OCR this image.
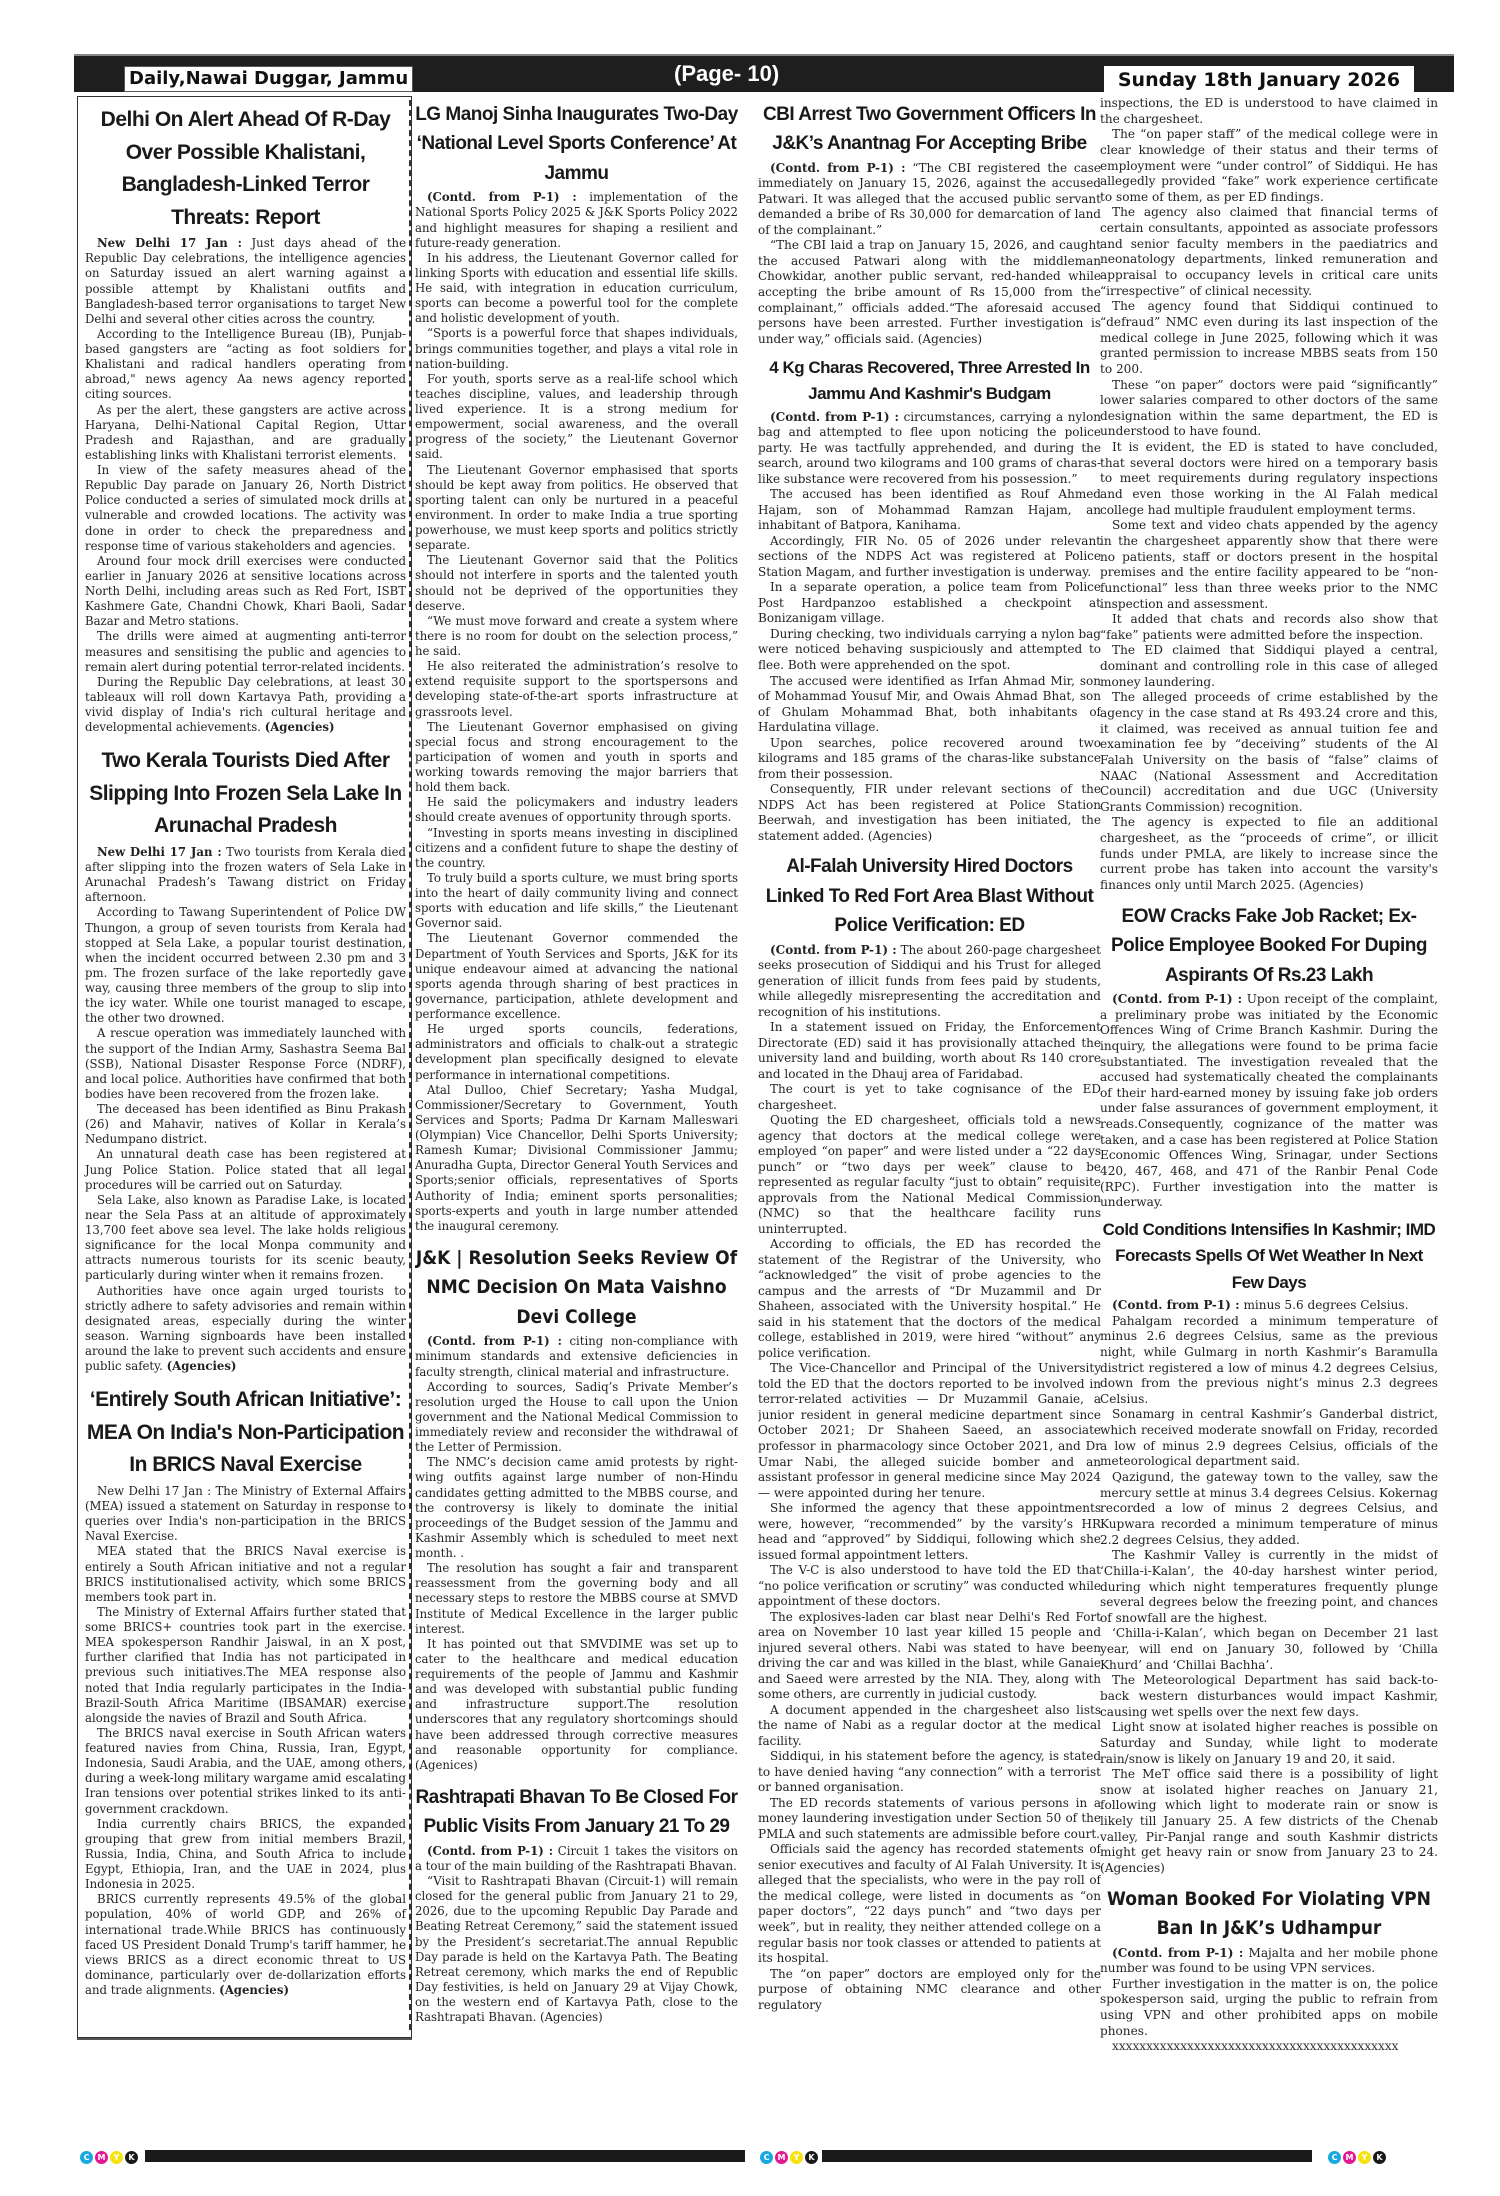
Daily,Nawai Duggar, Jammu	(Page- 10)	Sunday 18th January 2026
Delhi On Alert Ahead Of R-Day Over Possible Khalistani, Bangladesh-Linked Terror Threats: Report

New Delhi 17 Jan : Just days ahead of the Republic Day celebrations, the intelligence agencies on Saturday issued an alert warning against a possible attempt by Khalistani outfits and Bangladesh-based terror organisations to target New Delhi and several other cities across the country.

According to the Intelligence Bureau (IB), Punjab-based gangsters are “acting as foot soldiers for Khalistani and radical handlers operating from abroad," news agency Aa news agency reported citing sources.

As per the alert, these gangsters are active across Haryana, Delhi-National Capital Region, Uttar Pradesh and Rajasthan, and are gradually establishing links with Khalistani terrorist elements.

In view of the safety measures ahead of the Republic Day parade on January 26, North District Police conducted a series of simulated mock drills at vulnerable and crowded locations. The activity was done in order to check the preparedness and response time of various stakeholders and agencies.

Around four mock drill exercises were conducted earlier in January 2026 at sensitive locations across North Delhi, including areas such as Red Fort, ISBT Kashmere Gate, Chandni Chowk, Khari Baoli, Sadar Bazar and Metro stations.

The drills were aimed at augmenting anti-terror measures and sensitising the public and agencies to remain alert during potential terror-related incidents.

During the Republic Day celebrations, at least 30 tableaux will roll down Kartavya Path, providing a vivid display of India's rich cultural heritage and developmental achievements. (Agencies)

Two Kerala Tourists Died After Slipping Into Frozen Sela Lake In Arunachal Pradesh

New Delhi 17 Jan : Two tourists from Kerala died after slipping into the frozen waters of Sela Lake in Arunachal Pradesh’s Tawang district on Friday afternoon.

According to Tawang Superintendent of Police DW Thungon, a group of seven tourists from Kerala had stopped at Sela Lake, a popular tourist destination, when the incident occurred between 2.30 pm and 3 pm. The frozen surface of the lake reportedly gave way, causing three members of the group to slip into the icy water. While one tourist managed to escape, the other two drowned.

A rescue operation was immediately launched with the support of the Indian Army, Sashastra Seema Bal (SSB), National Disaster Response Force (NDRF), and local police. Authorities have confirmed that both bodies have been recovered from the frozen lake.

The deceased has been identified as Binu Prakash (26) and Mahavir, natives of Kollar in Kerala’s Nedumpano district.

An unnatural death case has been registered at Jung Police Station. Police stated that all legal procedures will be carried out on Saturday.

Sela Lake, also known as Paradise Lake, is located near the Sela Pass at an altitude of approximately 13,700 feet above sea level. The lake holds religious significance for the local Monpa community and attracts numerous tourists for its scenic beauty, particularly during winter when it remains frozen.

Authorities have once again urged tourists to strictly adhere to safety advisories and remain within designated areas, especially during the winter season. Warning signboards have been installed around the lake to prevent such accidents and ensure public safety. (Agencies)

‘Entirely South African Initiative’: MEA On India's Non-Participation In BRICS Naval Exercise

New Delhi 17 Jan : The Ministry of External Affairs (MEA) issued a statement on Saturday in response to queries over India's non-participation in the BRICS Naval Exercise.

MEA stated that the BRICS Naval exercise is entirely a South African initiative and not a regular BRICS institutionalised activity, which some BRICS members took part in.

The Ministry of External Affairs further stated that some BRICS+ countries took part in the exercise. MEA spokesperson Randhir Jaiswal, in an X post, further clarified that India has not participated in previous such initiatives.The MEA response also noted that India regularly participates in the India-Brazil-South Africa Maritime (IBSAMAR) exercise alongside the navies of Brazil and South Africa.

The BRICS naval exercise in South African waters featured navies from China, Russia, Iran, Egypt, Indonesia, Saudi Arabia, and the UAE, among others, during a week-long military wargame amid escalating Iran tensions over potential strikes linked to its anti-government crackdown.

India currently chairs BRICS, the expanded grouping that grew from initial members Brazil, Russia, India, China, and South Africa to include Egypt, Ethiopia, Iran, and the UAE in 2024, plus Indonesia in 2025.

BRICS currently represents 49.5% of the global population, 40% of world GDP, and 26% of international trade.While BRICS has continuously faced US President Donald Trump's tariff hammer, he views BRICS as a direct economic threat to US dominance, particularly over de-dollarization efforts and trade alignments. (Agencies)

LG Manoj Sinha Inaugurates Two-Day ‘National Level Sports Conference’ At Jammu

(Contd. from P-1) : implementation of the National Sports Policy 2025 & J&K Sports Policy 2022 and highlight measures for shaping a resilient and future-ready generation.

In his address, the Lieutenant Governor called for linking Sports with education and essential life skills. He said, with integration in education curriculum, sports can become a powerful tool for the complete and holistic development of youth.

“Sports is a powerful force that shapes individuals, brings communities together, and plays a vital role in nation-building.

For youth, sports serve as a real-life school which teaches discipline, values, and leadership through lived experience. It is a strong medium for empowerment, social awareness, and the overall progress of the society,” the Lieutenant Governor said.

The Lieutenant Governor emphasised that sports should be kept away from politics. He observed that sporting talent can only be nurtured in a peaceful environment. In order to make India a true sporting powerhouse, we must keep sports and politics strictly separate.

The Lieutenant Governor said that the Politics should not interfere in sports and the talented youth should not be deprived of the opportunities they deserve.

“We must move forward and create a system where there is no room for doubt on the selection process,” he said.

He also reiterated the administration’s resolve to extend requisite support to the sportspersons and developing state-of-the-art sports infrastructure at grassroots level.

The Lieutenant Governor emphasised on giving special focus and strong encouragement to the participation of women and youth in sports and working towards removing the major barriers that hold them back.

He said the policymakers and industry leaders should create avenues of opportunity through sports.

“Investing in sports means investing in disciplined citizens and a confident future to shape the destiny of the country.

To truly build a sports culture, we must bring sports into the heart of daily community living and connect sports with education and life skills,” the Lieutenant Governor said.

The Lieutenant Governor commended the Department of Youth Services and Sports, J&K for its unique endeavour aimed at advancing the national sports agenda through sharing of best practices in governance, participation, athlete development and performance excellence.

He urged sports councils, federations, administrators and officials to chalk-out a strategic development plan specifically designed to elevate performance in international competitions.

Atal Dulloo, Chief Secretary; Yasha Mudgal, Commissioner/Secretary to Government, Youth Services and Sports; Padma Dr Karnam Malleswari (Olympian) Vice Chancellor, Delhi Sports University; Ramesh Kumar; Divisional Commissioner Jammu; Anuradha Gupta, Director General Youth Services and Sports;senior officials, representatives of Sports Authority of India; eminent sports personalities; sports-experts and youth in large number attended the inaugural ceremony.

J&K | Resolution Seeks Review Of NMC Decision On Mata Vaishno Devi College

(Contd. from P-1) : citing non-compliance with minimum standards and extensive deficiencies in faculty strength, clinical material and infrastructure.

According to sources, Sadiq’s Private Member’s resolution urged the House to call upon the Union government and the National Medical Commission to immediately review and reconsider the withdrawal of the Letter of Permission.

The NMC’s decision came amid protests by right-wing outfits against large number of non-Hindu candidates getting admitted to the MBBS course, and the controversy is likely to dominate the initial proceedings of the Budget session of the Jammu and Kashmir Assembly which is scheduled to meet next month. .

The resolution has sought a fair and transparent reassessment from the governing body and all necessary steps to restore the MBBS course at SMVD Institute of Medical Excellence in the larger public interest.

It has pointed out that SMVDIME was set up to cater to the healthcare and medical education requirements of the people of Jammu and Kashmir and was developed with substantial public funding and infrastructure support.The resolution underscores that any regulatory shortcomings should have been addressed through corrective measures and reasonable opportunity for compliance. (Agenices)

Rashtrapati Bhavan To Be Closed For Public Visits From January 21 To 29

(Contd. from P-1) : Circuit 1 takes the visitors on a tour of the main building of the Rashtrapati Bhavan.

“Visit to Rashtrapati Bhavan (Circuit-1) will remain closed for the general public from January 21 to 29, 2026, due to the upcoming Republic Day Parade and Beating Retreat Ceremony,” said the statement issued by the President’s secretariat.The annual Republic Day parade is held on the Kartavya Path. The Beating Retreat ceremony, which marks the end of Republic Day festivities, is held on January 29 at Vijay Chowk, on the western end of Kartavya Path, close to the Rashtrapati Bhavan. (Agencies)

CBI Arrest Two Government Officers In J&K’s Anantnag For Accepting Bribe

(Contd. from P-1) : “The CBI registered the case immediately on January 15, 2026, against the accused Patwari. It was alleged that the accused public servant demanded a bribe of Rs 30,000 for demarcation of land of the complainant.”

“The CBI laid a trap on January 15, 2026, and caught the accused Patwari along with the middleman Chowkidar, another public servant, red-handed while accepting the bribe amount of Rs 15,000 from the complainant,” officials added.“The aforesaid accused persons have been arrested. Further investigation is under way,” officials said. (Agencies)

4 Kg Charas Recovered, Three Arrested In Jammu And Kashmir's Budgam

(Contd. from P-1) : circumstances, carrying a nylon bag and attempted to flee upon noticing the police party. He was tactfully apprehended, and during the search, around two kilograms and 100 grams of charas-like substance were recovered from his possession.”

The accused has been identified as Rouf Ahmed Hajam, son of Mohammad Ramzan Hajam, an inhabitant of Batpora, Kanihama.

Accordingly, FIR No. 05 of 2026 under relevant sections of the NDPS Act was registered at Police Station Magam, and further investigation is underway.

In a separate operation, a police team from Police Post Hardpanzoo established a checkpoint at Bonizanigam village.

During checking, two individuals carrying a nylon bag were noticed behaving suspiciously and attempted to flee. Both were apprehended on the spot.

The accused were identified as Irfan Ahmad Mir, son of Mohammad Yousuf Mir, and Owais Ahmad Bhat, son of Ghulam Mohammad Bhat, both inhabitants of Hardulatina village.

Upon searches, police recovered around two kilograms and 185 grams of the charas-like substance from their possession.

Consequently, FIR under relevant sections of the NDPS Act has been registered at Police Station Beerwah, and investigation has been initiated, the statement added. (Agencies)

Al-Falah University Hired Doctors Linked To Red Fort Area Blast Without Police Verification: ED

(Contd. from P-1) : The about 260-page chargesheet seeks prosecution of Siddiqui and his Trust for alleged generation of illicit funds from fees paid by students, while allegedly misrepresenting the accreditation and recognition of his institutions.

In a statement issued on Friday, the Enforcement Directorate (ED) said it has provisionally attached the university land and building, worth about Rs 140 crore and located in the Dhauj area of Faridabad.

The court is yet to take cognisance of the ED chargesheet.

Quoting the ED chargesheet, officials told a news agency that doctors at the medical college were employed “on paper” and were listed under a “22 days punch” or “two days per week” clause to be represented as regular faculty “just to obtain” requisite approvals from the National Medical Commission (NMC) so that the healthcare facility runs uninterrupted.

According to officials, the ED has recorded the statement of the Registrar of the University, who “acknowledged” the visit of probe agencies to the campus and the arrests of “Dr Muzammil and Dr Shaheen, associated with the University hospital.” He said in his statement that the doctors of the medical college, established in 2019, were hired “without” any police verification.

The Vice-Chancellor and Principal of the University told the ED that the doctors reported to be involved in terror-related activities — Dr Muzammil Ganaie, a junior resident in general medicine department since October 2021; Dr Shaheen Saeed, an associate professor in pharmacology since October 2021, and Dr Umar Nabi, the alleged suicide bomber and an assistant professor in general medicine since May 2024 — were appointed during her tenure.

She informed the agency that these appointments were, however, “recommended” by the varsity’s HR head and “approved” by Siddiqui, following which she issued formal appointment letters.

The V-C is also understood to have told the ED that “no police verification or scrutiny” was conducted while appointment of these doctors.

The explosives-laden car blast near Delhi's Red Fort area on November 10 last year killed 15 people and injured several others. Nabi was stated to have been driving the car and was killed in the blast, while Ganaie and Saeed were arrested by the NIA. They, along with some others, are currently in judicial custody.

A document appended in the chargesheet also lists the name of Nabi as a regular doctor at the medical facility.

Siddiqui, in his statement before the agency, is stated to have denied having “any connection” with a terrorist or banned organisation.

The ED records statements of various persons in a money laundering investigation under Section 50 of the PMLA and such statements are admissible before court.

Officials said the agency has recorded statements of senior executives and faculty of Al Falah University. It is alleged that the specialists, who were in the pay roll of the medical college, were listed in documents as “on paper doctors”, “22 days punch” and “two days per week”, but in reality, they neither attended college on a regular basis nor took classes or attended to patients at its hospital.

The “on paper” doctors are employed only for the purpose of obtaining NMC clearance and other regulatory

inspections, the ED is understood to have claimed in the chargesheet.

The “on paper staff” of the medical college were in clear knowledge of their status and their terms of employment were “under control” of Siddiqui. He has allegedly provided “fake” work experience certificate to some of them, as per ED findings.

The agency also claimed that financial terms of certain consultants, appointed as associate professors and senior faculty members in the paediatrics and neonatology departments, linked remuneration and appraisal to occupancy levels in critical care units “irrespective” of clinical necessity.

The agency found that Siddiqui continued to “defraud” NMC even during its last inspection of the medical college in June 2025, following which it was granted permission to increase MBBS seats from 150 to 200.

These “on paper” doctors were paid “significantly” lower salaries compared to other doctors of the same designation within the same department, the ED is understood to have found.

It is evident, the ED is stated to have concluded, that several doctors were hired on a temporary basis to meet requirements during regulatory inspections and even those working in the Al Falah medical college had multiple fraudulent employment terms.

Some text and video chats appended by the agency in the chargesheet apparently show that there were no patients, staff or doctors present in the hospital premises and the entire facility appeared to be “non-functional” less than three weeks prior to the NMC inspection and assessment.

It added that chats and records also show that “fake” patients were admitted before the inspection.

The ED claimed that Siddiqui played a central, dominant and controlling role in this case of alleged money laundering.

The alleged proceeds of crime established by the agency in the case stand at Rs 493.24 crore and this, it claimed, was received as annual tuition fee and examination fee by “deceiving” students of the Al Falah University on the basis of “false” claims of NAAC (National Assessment and Accreditation Council) accreditation and due UGC (University Grants Commission) recognition.

The agency is expected to file an additional chargesheet, as the “proceeds of crime”, or illicit funds under PMLA, are likely to increase since the current probe has taken into account the varsity's finances only until March 2025. (Agencies)

EOW Cracks Fake Job Racket; Ex-Police Employee Booked For Duping Aspirants Of Rs.23 Lakh

(Contd. from P-1) : Upon receipt of the complaint, a preliminary probe was initiated by the Economic Offences Wing of Crime Branch Kashmir. During the inquiry, the allegations were found to be prima facie substantiated. The investigation revealed that the accused had systematically cheated the complainants of their hard-earned money by issuing fake job orders under false assurances of government employment, it reads.Consequently, cognizance of the matter was taken, and a case has been registered at Police Station Economic Offences Wing, Srinagar, under Sections 420, 467, 468, and 471 of the Ranbir Penal Code (RPC). Further investigation into the matter is underway.

Cold Conditions Intensifies In Kashmir; IMD Forecasts Spells Of Wet Weather In Next Few Days

(Contd. from P-1) : minus 5.6 degrees Celsius.

Pahalgam recorded a minimum temperature of minus 2.6 degrees Celsius, same as the previous night, while Gulmarg in north Kashmir’s Baramulla district registered a low of minus 4.2 degrees Celsius, down from the previous night’s minus 2.3 degrees Celsius.

Sonamarg in central Kashmir’s Ganderbal district, which received moderate snowfall on Friday, recorded a low of minus 2.9 degrees Celsius, officials of the meteorological department said.

Qazigund, the gateway town to the valley, saw the mercury settle at minus 3.4 degrees Celsius. Kokernag recorded a low of minus 2 degrees Celsius, and Kupwara recorded a minimum temperature of minus 2.2 degrees Celsius, they added.

The Kashmir Valley is currently in the midst of ‘Chilla-i-Kalan’, the 40-day harshest winter period, during which night temperatures frequently plunge several degrees below the freezing point, and chances of snowfall are the highest.

‘Chilla-i-Kalan’, which began on December 21 last year, will end on January 30, followed by ‘Chilla Khurd’ and ‘Chillai Bachha’.

The Meteorological Department has said back-to-back western disturbances would impact Kashmir, causing wet spells over the next few days.

Light snow at isolated higher reaches is possible on Saturday and Sunday, while light to moderate rain/snow is likely on January 19 and 20, it said.

The MeT office said there is a possibility of light snow at isolated higher reaches on January 21, following which light to moderate rain or snow is likely till January 25. A few districts of the Chenab valley, Pir-Panjal range and south Kashmir districts might get heavy rain or snow from January 23 to 24. (Agencies)

Woman Booked For Violating VPN Ban In J&K’s Udhampur

(Contd. from P-1) : Majalta and her mobile phone number was found to be using VPN services.

Further investigation in the matter is on, the police spokesperson said, urging the public to refrain from using VPN and other prohibited apps on mobile phones.

xxxxxxxxxxxxxxxxxxxxxxxxxxxxxxxxxxxxxxxxxx

C	M	Y	K	C	M	Y	K	C	M	Y	K
